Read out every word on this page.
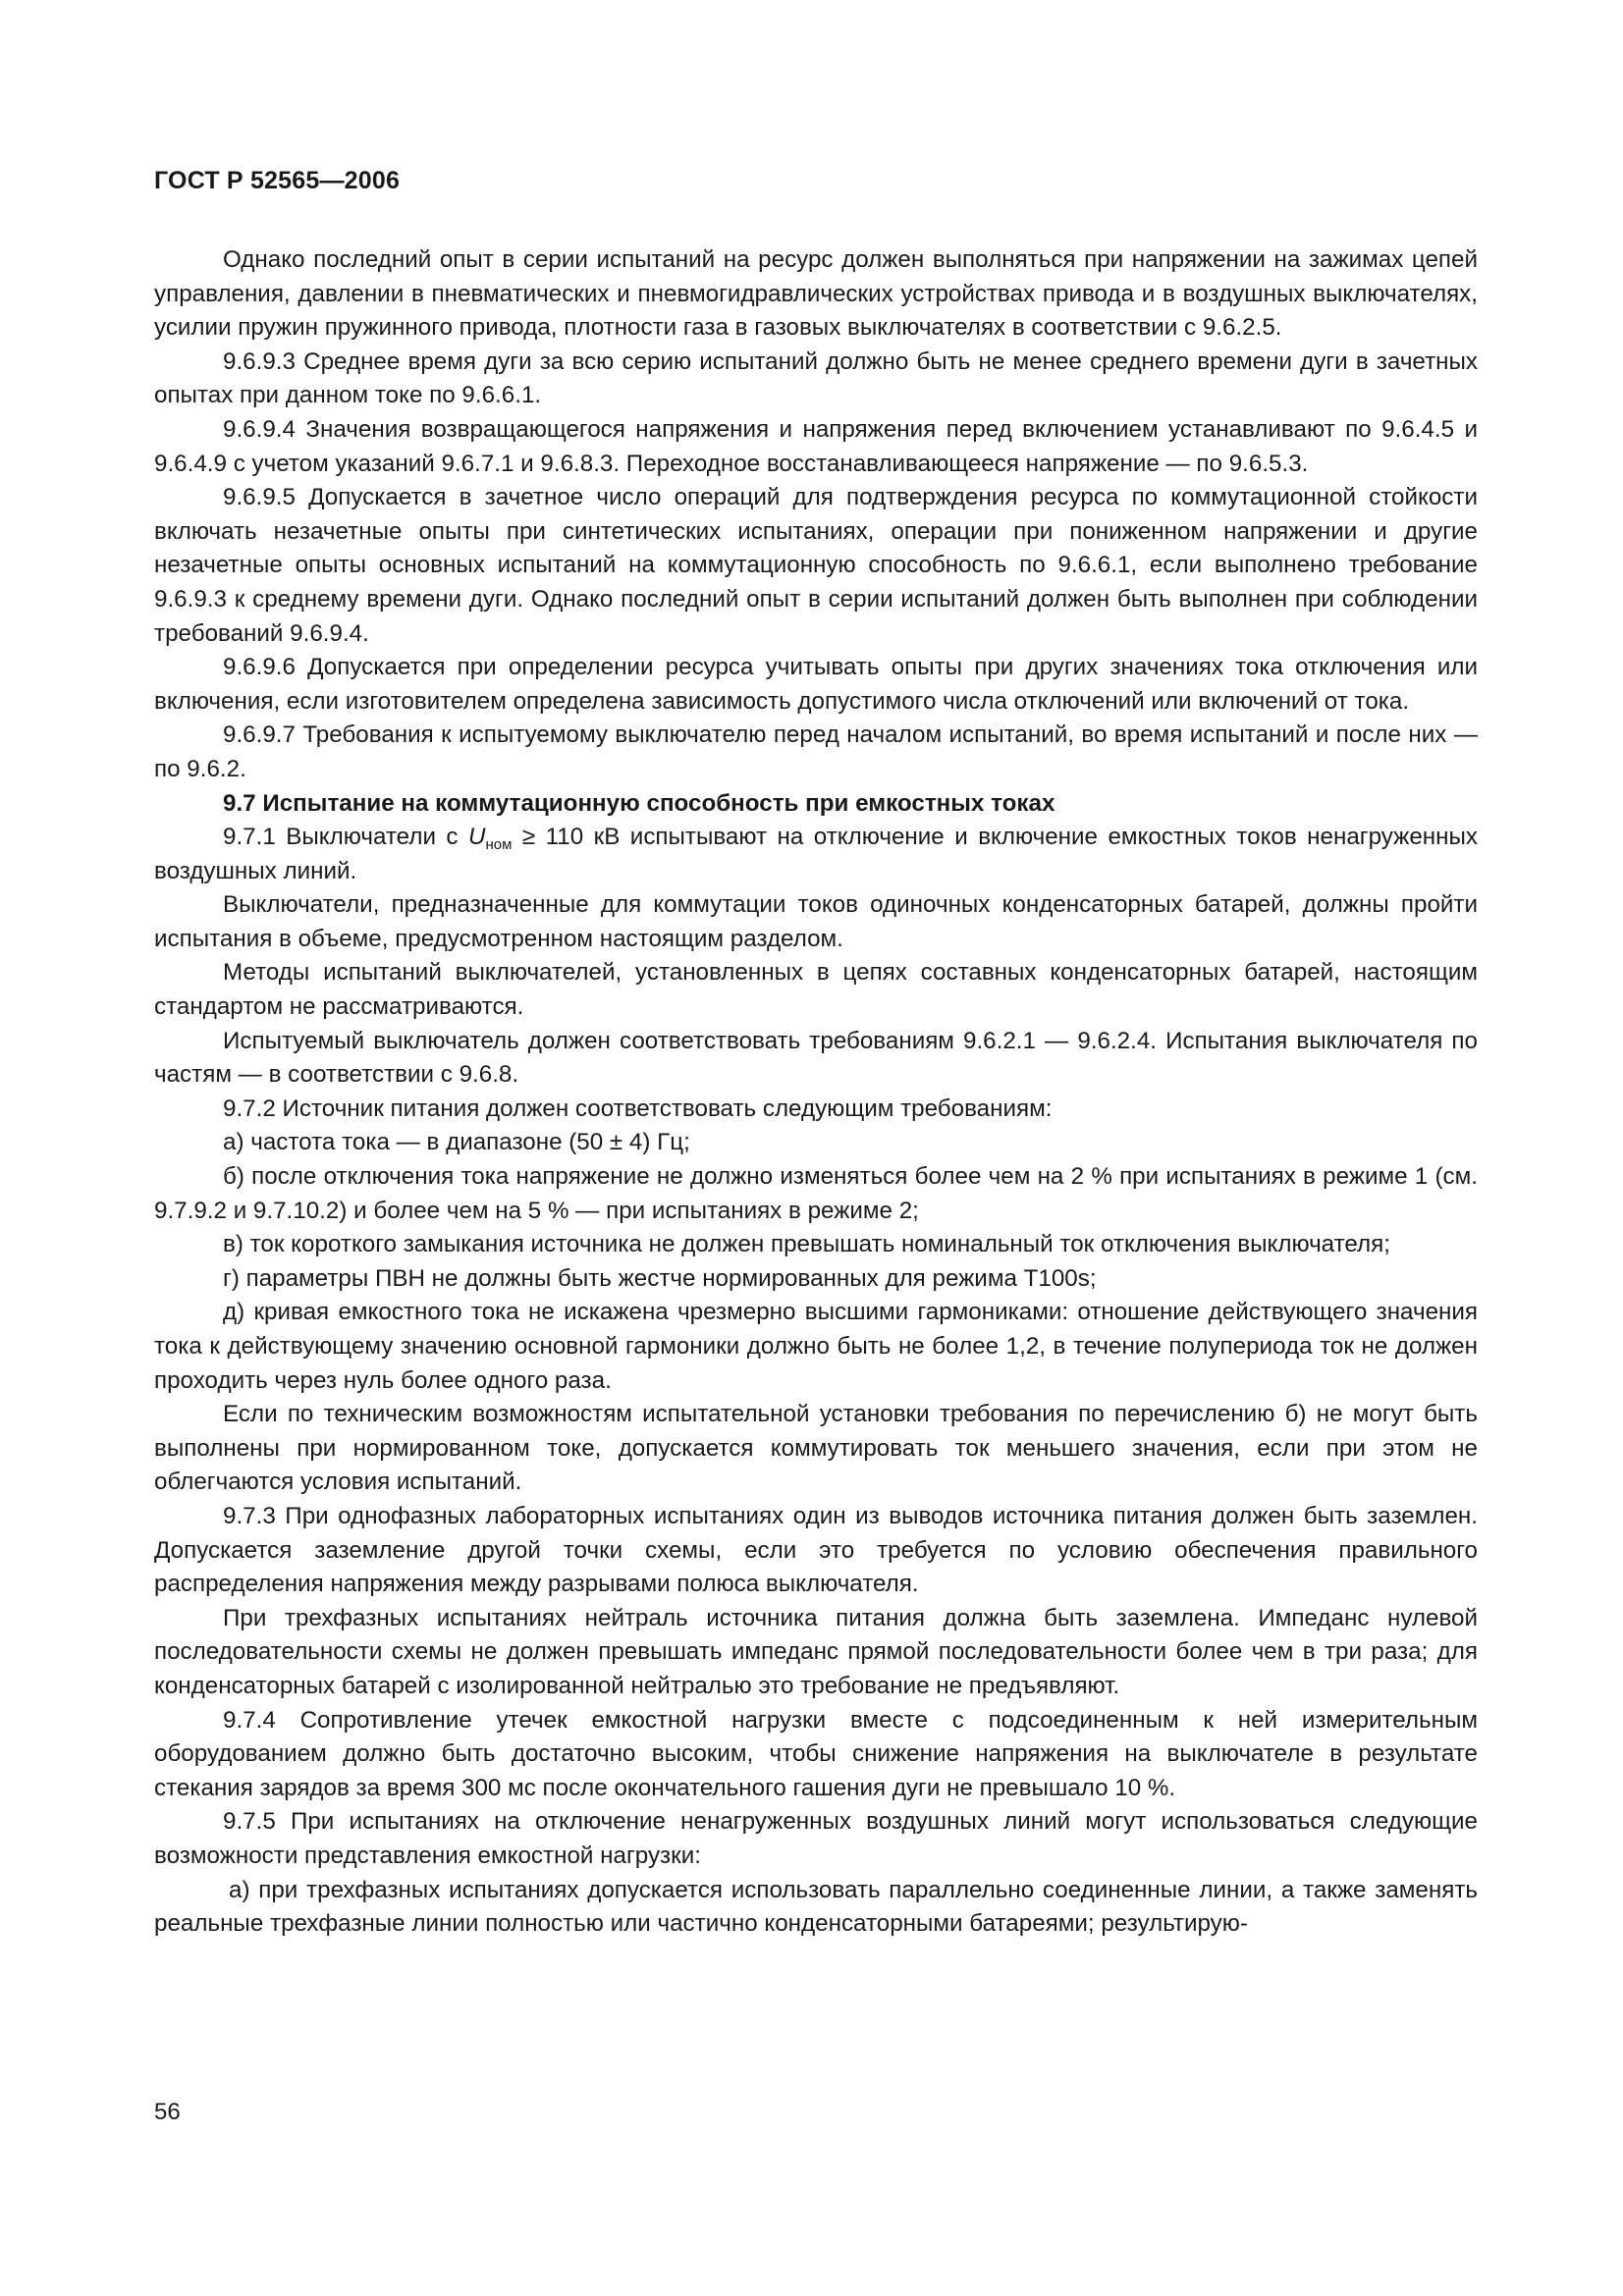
ГОСТ Р 52565—2006

Однако последний опыт в серии испытаний на ресурс должен выполняться при напряжении на зажимах цепей управления, давлении в пневматических и пневмогидравлических устройствах привода и в воздушных выключателях, усилии пружин пружинного привода, плотности газа в газовых выключателях в соответствии с 9.6.2.5.

9.6.9.3 Среднее время дуги за всю серию испытаний должно быть не менее среднего времени дуги в зачетных опытах при данном токе по 9.6.6.1.

9.6.9.4 Значения возвращающегося напряжения и напряжения перед включением устанавливают по 9.6.4.5 и 9.6.4.9 с учетом указаний 9.6.7.1 и 9.6.8.3. Переходное восстанавливающееся напряжение — по 9.6.5.3.

9.6.9.5 Допускается в зачетное число операций для подтверждения ресурса по коммутационной стойкости включать незачетные опыты при синтетических испытаниях, операции при пониженном напряжении и другие незачетные опыты основных испытаний на коммутационную способность по 9.6.6.1, если выполнено требование 9.6.9.3 к среднему времени дуги. Однако последний опыт в серии испытаний должен быть выполнен при соблюдении требований 9.6.9.4.

9.6.9.6 Допускается при определении ресурса учитывать опыты при других значениях тока отключения или включения, если изготовителем определена зависимость допустимого числа отключений или включений от тока.

9.6.9.7 Требования к испытуемому выключателю перед началом испытаний, во время испытаний и после них — по 9.6.2.

9.7 Испытание на коммутационную способность при емкостных токах

9.7.1 Выключатели с $U_{ном} \ge 110$ кВ испытывают на отключение и включение емкостных токов ненагруженных воздушных линий.

Выключатели, предназначенные для коммутации токов одиночных конденсаторных батарей, должны пройти испытания в объеме, предусмотренном настоящим разделом.

Методы испытаний выключателей, установленных в цепях составных конденсаторных батарей, настоящим стандартом не рассматриваются.

Испытуемый выключатель должен соответствовать требованиям 9.6.2.1 — 9.6.2.4. Испытания выключателя по частям — в соответствии с 9.6.8.

9.7.2 Источник питания должен соответствовать следующим требованиям:

а) частота тока — в диапазоне (50 ± 4) Гц;

б) после отключения тока напряжение не должно изменяться более чем на 2 % при испытаниях в режиме 1 (см. 9.7.9.2 и 9.7.10.2) и более чем на 5 % — при испытаниях в режиме 2;

в) ток короткого замыкания источника не должен превышать номинальный ток отключения выключателя;

г) параметры ПВН не должны быть жестче нормированных для режима Т100s;

д) кривая емкостного тока не искажена чрезмерно высшими гармониками: отношение действующего значения тока к действующему значению основной гармоники должно быть не более 1,2, в течение полупериода ток не должен проходить через нуль более одного раза.

Если по техническим возможностям испытательной установки требования по перечислению б) не могут быть выполнены при нормированном токе, допускается коммутировать ток меньшего значения, если при этом не облегчаются условия испытаний.

9.7.3 При однофазных лабораторных испытаниях один из выводов источника питания должен быть заземлен. Допускается заземление другой точки схемы, если это требуется по условию обеспечения правильного распределения напряжения между разрывами полюса выключателя.

При трехфазных испытаниях нейтраль источника питания должна быть заземлена. Импеданс нулевой последовательности схемы не должен превышать импеданс прямой последовательности более чем в три раза; для конденсаторных батарей с изолированной нейтралью это требование не предъявляют.

9.7.4 Сопротивление утечек емкостной нагрузки вместе с подсоединенным к ней измерительным оборудованием должно быть достаточно высоким, чтобы снижение напряжения на выключателе в результате стекания зарядов за время 300 мс после окончательного гашения дуги не превышало 10 %.

9.7.5 При испытаниях на отключение ненагруженных воздушных линий могут использоваться следующие возможности представления емкостной нагрузки:

а) при трехфазных испытаниях допускается использовать параллельно соединенные линии, а также заменять реальные трехфазные линии полностью или частично конденсаторными батареями; результирую-

56
